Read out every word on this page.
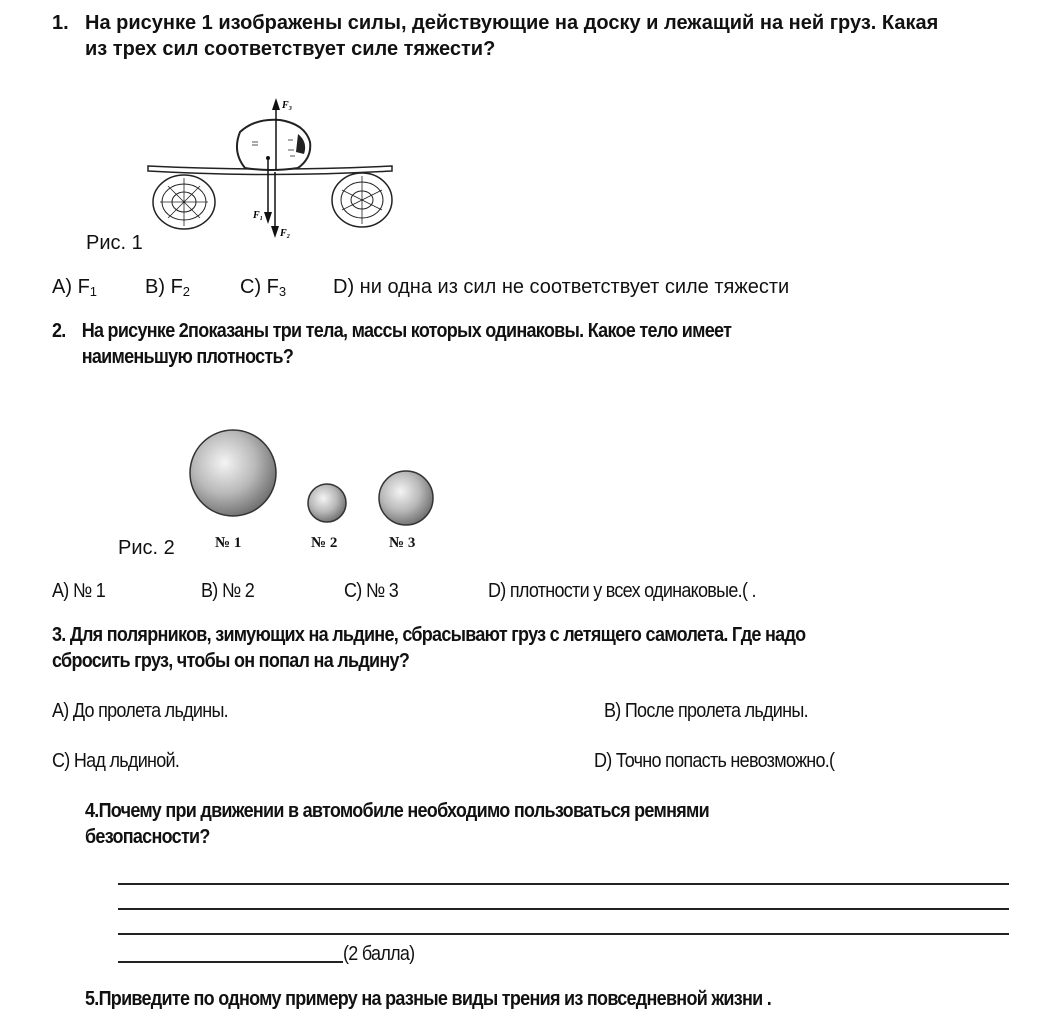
1. На рисунке 1 изображены силы, действующие на доску и лежащий на ней груз. Какая
из трех сил соответствует силе тяжести?
F₃
F₁
F₂
Рис. 1
A) $F_1$ B) $F_2$ C) $F_3$ D) ни одна из сил не соответствует силе тяжести
2. На рисунке 2показаны три тела, массы которых одинаковы. Какое тело имеет
наименьшую плотность?
Рис. 2	№ 1	№ 2	№ 3
A) № 1	B) № 2	C) № 3	D) плотности у всех одинаковые.( .
3. Для полярников, зимующих на льдине, сбрасывают груз с летящего самолета. Где надо
сбросить груз, чтобы он попал на льдину?
A) До пролета льдины.	B) После пролета льдины.
C) Над льдиной.	D) Точно попасть невозможно.(
4.Почему при движении в автомобиле необходимо пользоваться ремнями
безопасности?
(2 балла)
5.Приведите по одному примеру на разные виды трения из повседневной жизни .
